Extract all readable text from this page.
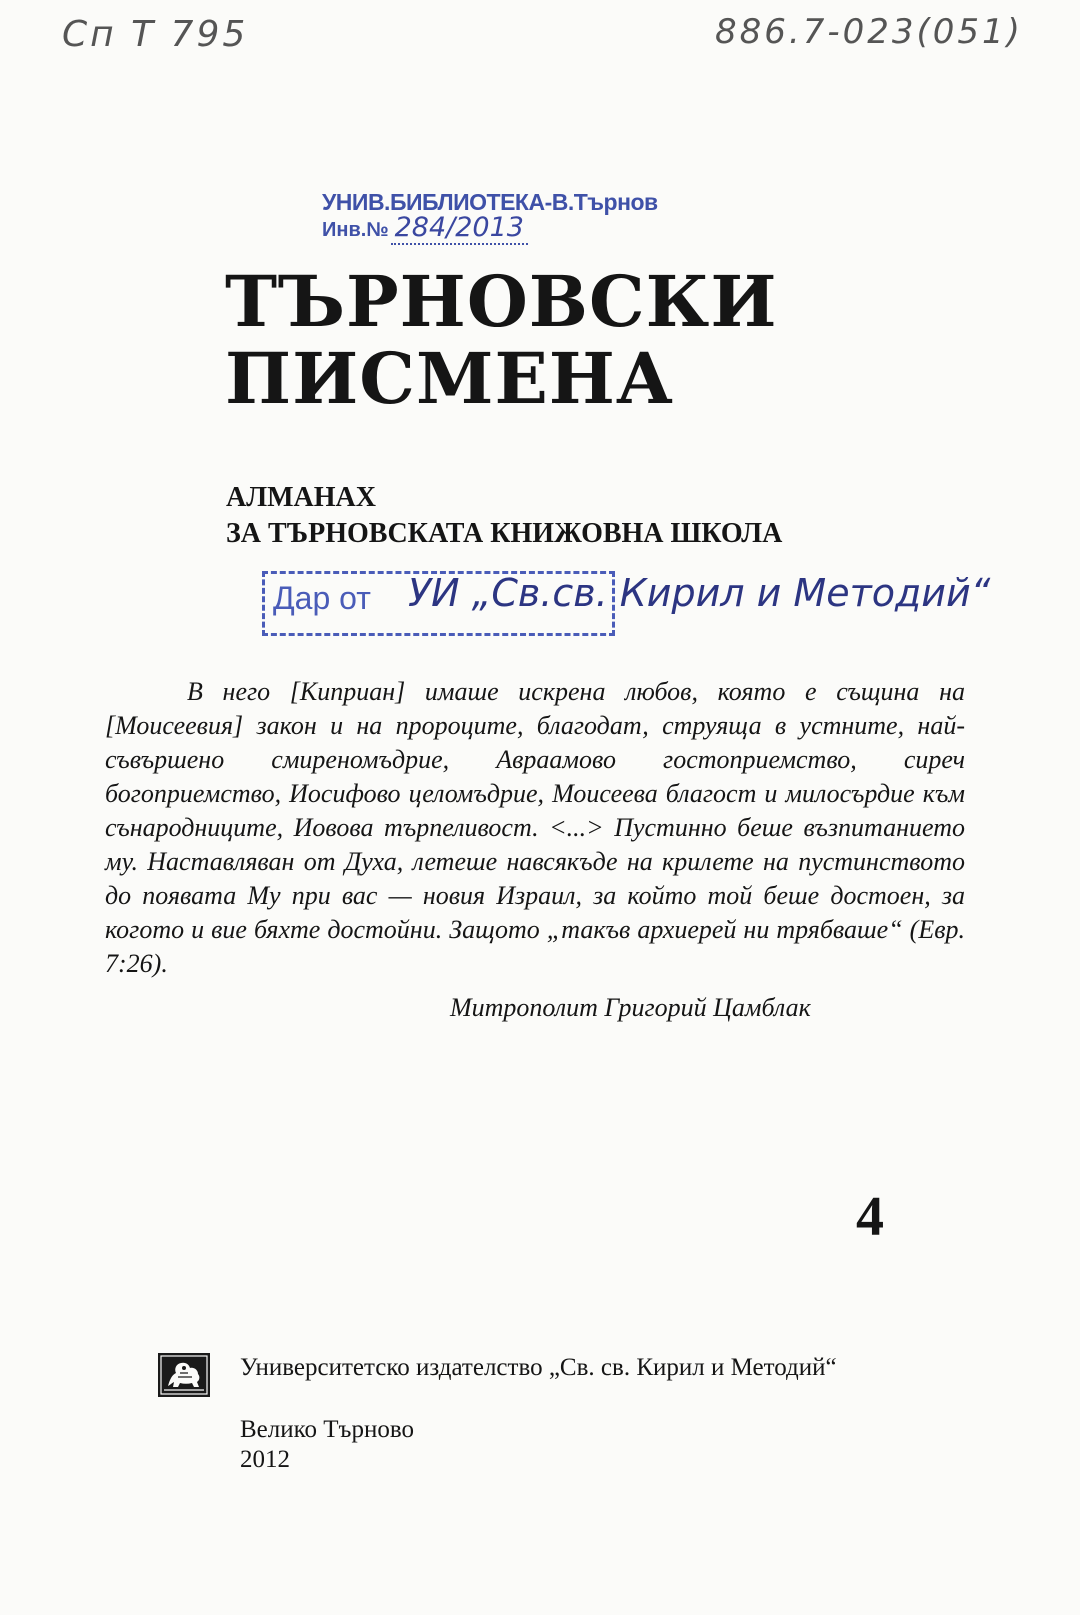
Сп Т 795	886.7-023(051)
УНИВ.БИБЛИОТЕКА-В.Търнов
Инв.№ 284/2013
ТЪРНОВСКИ
ПИСМЕНА
АЛМАНАХ
ЗА ТЪРНОВСКАТА КНИЖОВНА ШКОЛА
Дар от УИ „Св.св. Кирил и Методий“

В него [Киприан] имаше искрена любов, която е същина на [Моисеевия] закон и на пророците, благодат, струяща в устните, най-съвършено смиреномъдрие, Авраамово гостоприемство, сиреч богоприемство, Иосифово целомъдрие, Моисеева благост и милосърдие към сънародниците, Иовова търпеливост. <...> Пустинно беше възпитанието му. Наставляван от Духа, летеше навсякъде на крилете на пустинството до появата Му при вас — новия Израил, за който той беше достоен, за когото и вие бяхте достойни. Защото „такъв архиерей ни трябваше“ (Евр. 7:26).

Митрополит Григорий Цамблак
4
Университетско издателство „Св. св. Кирил и Методий“
Велико Търново
2012
